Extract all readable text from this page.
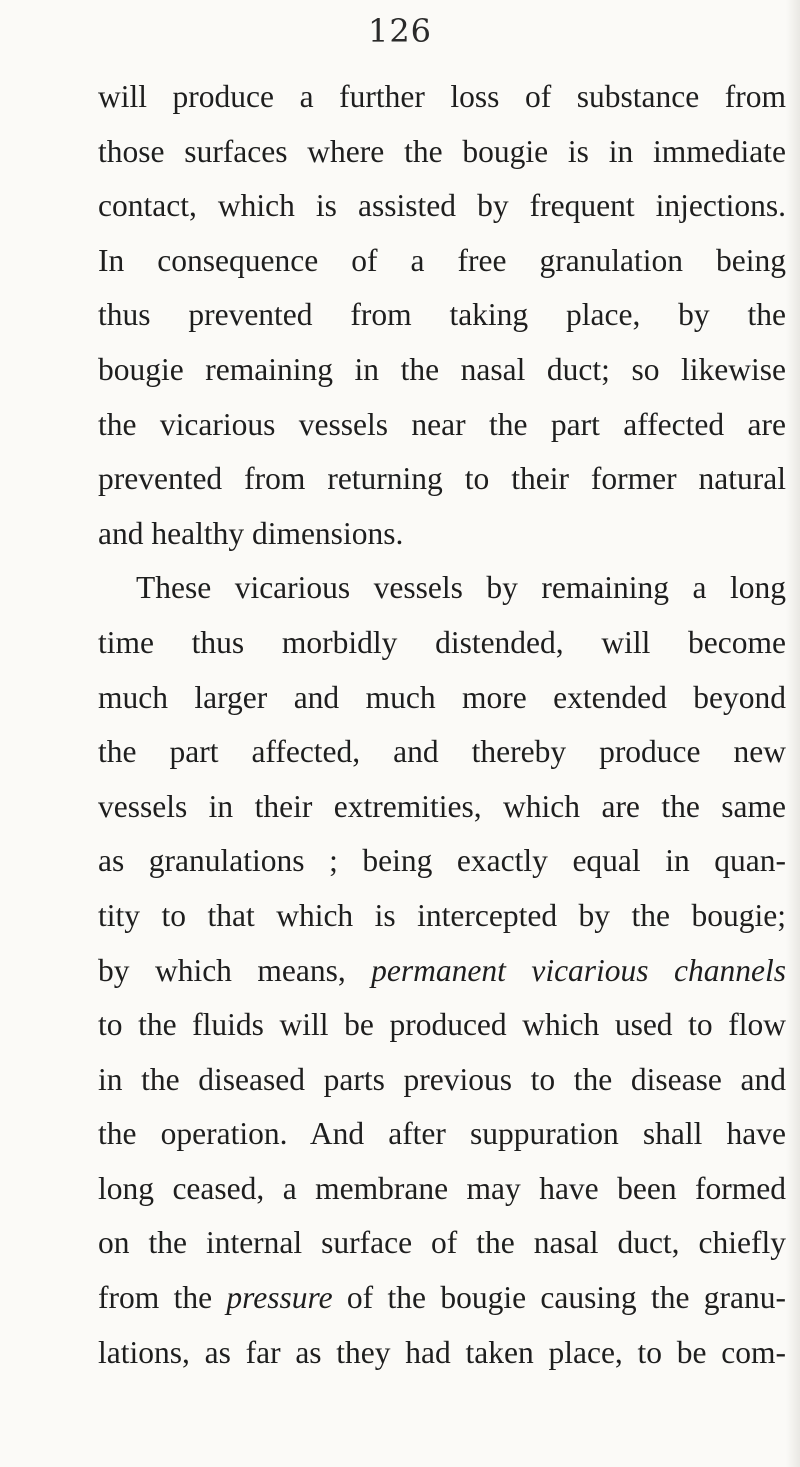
126
will produce a further loss of substance from
those surfaces where the bougie is in immediate
contact, which is assisted by frequent injections.
In consequence of a free granulation being
thus prevented from taking place, by the
bougie remaining in the nasal duct; so likewise
the vicarious vessels near the part affected are
prevented from returning to their former natural
and healthy dimensions.
These vicarious vessels by remaining a long
time thus morbidly distended, will become
much larger and much more extended beyond
the part affected, and thereby produce new
vessels in their extremities, which are the same
as granulations ; being exactly equal in quan-
tity to that which is intercepted by the bougie;
by which means, permanent vicarious channels
to the fluids will be produced which used to flow
in the diseased parts previous to the disease and
the operation. And after suppuration shall have
long ceased, a membrane may have been formed
on the internal surface of the nasal duct, chiefly
from the pressure of the bougie causing the granu-
lations, as far as they had taken place, to be com-
